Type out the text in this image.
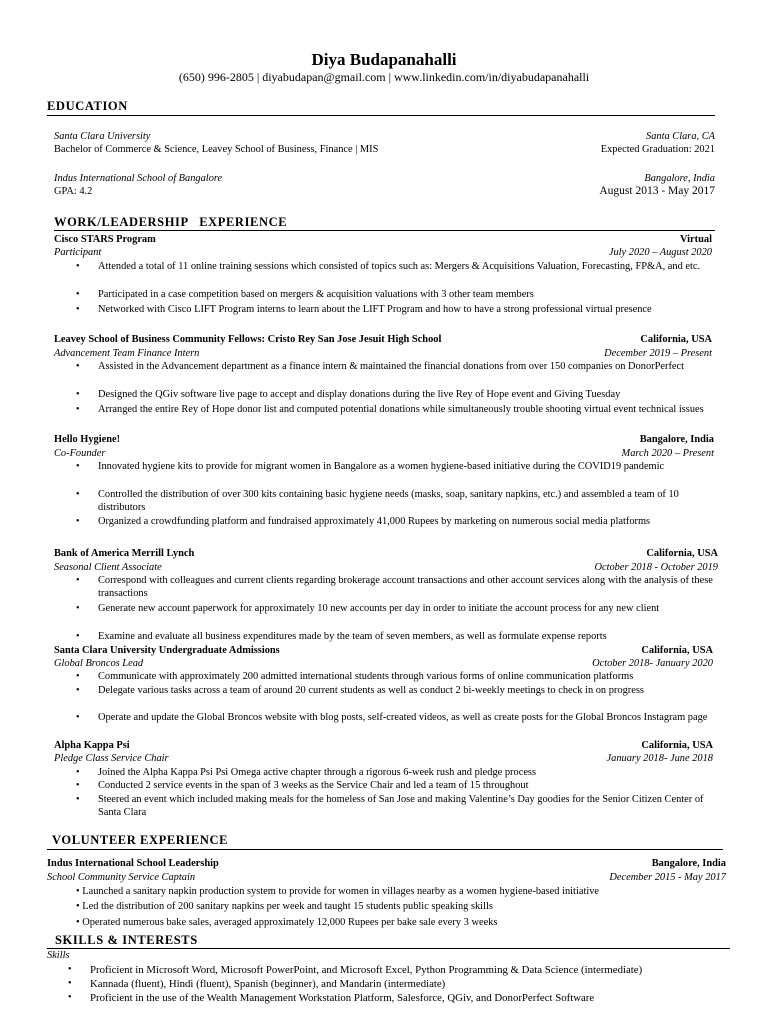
Diya Budapanahalli
(650) 996-2805 | diyabudapan@gmail.com | www.linkedin.com/in/diyabudapanahalli
EDUCATION
Santa Clara University	Santa Clara, CA
Bachelor of Commerce & Science, Leavey School of Business, Finance | MIS	Expected Graduation: 2021
Indus International School of Bangalore	Bangalore, India
GPA: 4.2	August 2013 - May 2017
WORK/LEADERSHIP   EXPERIENCE
Cisco STARS Program	Virtual
Participant	July 2020 – August 2020
• Attended a total of 11 online training sessions which consisted of topics such as: Mergers & Acquisitions Valuation, Forecasting, FP&A, and etc.
• Participated in a case competition based on mergers & acquisition valuations with 3 other team members
• Networked with Cisco LIFT Program interns to learn about the LIFT Program and how to have a strong professional virtual presence
Leavey School of Business Community Fellows: Cristo Rey San Jose Jesuit High School	California, USA
Advancement Team Finance Intern	December 2019 – Present
• Assisted in the Advancement department as a finance intern & maintained the financial donations from over 150 companies on DonorPerfect
• Designed the QGiv software live page to accept and display donations during the live Rey of Hope event and Giving Tuesday
• Arranged the entire Rey of Hope donor list and computed potential donations while simultaneously trouble shooting virtual event technical issues
Hello Hygiene!	Bangalore, India
Co-Founder	March 2020 – Present
• Innovated hygiene kits to provide for migrant women in Bangalore as a women hygiene-based initiative during the COVID19 pandemic
• Controlled the distribution of over 300 kits containing basic hygiene needs (masks, soap, sanitary napkins, etc.) and assembled a team of 10 distributors
• Organized a crowdfunding platform and fundraised approximately 41,000 Rupees by marketing on numerous social media platforms
Bank of America Merrill Lynch	California, USA
Seasonal Client Associate	October 2018 - October 2019
• Correspond with colleagues and current clients regarding brokerage account transactions and other account services along with the analysis of these transactions
• Generate new account paperwork for approximately 10 new accounts per day in order to initiate the account process for any new client
• Examine and evaluate all business expenditures made by the team of seven members, as well as formulate expense reports
Santa Clara University Undergraduate Admissions	California, USA
Global Broncos Lead	October 2018- January 2020
• Communicate with approximately 200 admitted international students through various forms of online communication platforms
• Delegate various tasks across a team of around 20 current students as well as conduct 2 bi-weekly meetings to check in on progress
• Operate and update the Global Broncos website with blog posts, self-created videos, as well as create posts for the Global Broncos Instagram page
Alpha Kappa Psi	California, USA
Pledge Class Service Chair	January 2018- June 2018
• Joined the Alpha Kappa Psi Psi Omega active chapter through a rigorous 6-week rush and pledge process
• Conducted 2 service events in the span of 3 weeks as the Service Chair and led a team of 15 throughout
• Steered an event which included making meals for the homeless of San Jose and making Valentine’s Day goodies for the Senior Citizen Center of Santa Clara
VOLUNTEER EXPERIENCE
Indus International School Leadership	Bangalore, India
School Community Service Captain	December 2015 - May 2017
• Launched a sanitary napkin production system to provide for women in villages nearby as a women hygiene-based initiative
• Led the distribution of 200 sanitary napkins per week and taught 15 students public speaking skills
• Operated numerous bake sales, averaged approximately 12,000 Rupees per bake sale every 3 weeks
SKILLS & INTERESTS
Skills
• Proficient in Microsoft Word, Microsoft PowerPoint, and Microsoft Excel, Python Programming & Data Science (intermediate)
• Kannada (fluent), Hindi (fluent), Spanish (beginner), and Mandarin (intermediate)
• Proficient in the use of the Wealth Management Workstation Platform, Salesforce, QGiv, and DonorPerfect Software
